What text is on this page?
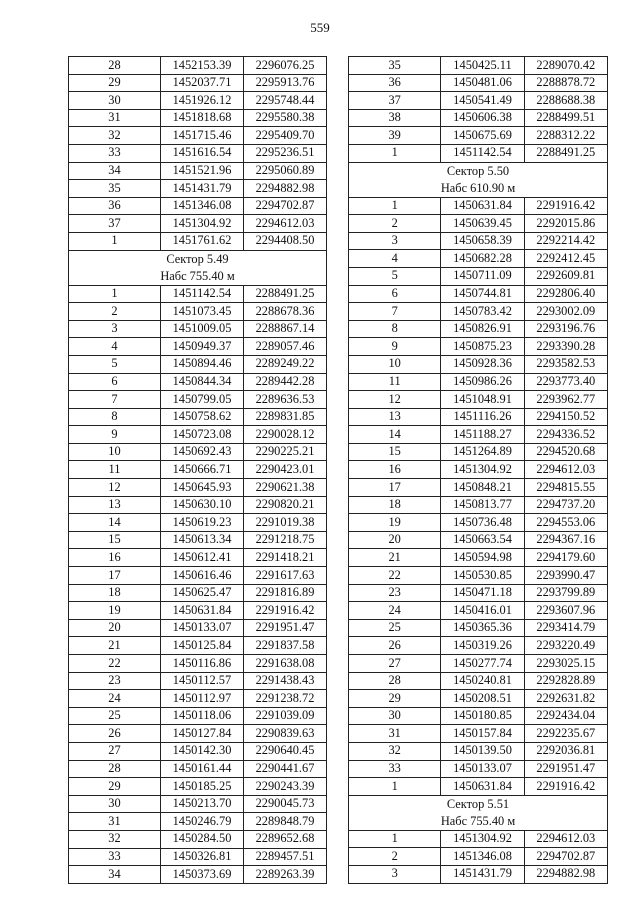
559
28	1452153.39	2296076.25
29	1452037.71	2295913.76
30	1451926.12	2295748.44
31	1451818.68	2295580.38
32	1451715.46	2295409.70
33	1451616.54	2295236.51
34	1451521.96	2295060.89
35	1451431.79	2294882.98
36	1451346.08	2294702.87
37	1451304.92	2294612.03
1	1451761.62	2294408.50

Сектор 5.49
Набс 755.40 м		

1	1451142.54	2288491.25
2	1451073.45	2288678.36
3	1451009.05	2288867.14
4	1450949.37	2289057.46
5	1450894.46	2289249.22
6	1450844.34	2289442.28
7	1450799.05	2289636.53
8	1450758.62	2289831.85
9	1450723.08	2290028.12
10	1450692.43	2290225.21
11	1450666.71	2290423.01
12	1450645.93	2290621.38
13	1450630.10	2290820.21
14	1450619.23	2291019.38
15	1450613.34	2291218.75
16	1450612.41	2291418.21
17	1450616.46	2291617.63
18	1450625.47	2291816.89
19	1450631.84	2291916.42
20	1450133.07	2291951.47
21	1450125.84	2291837.58
22	1450116.86	2291638.08
23	1450112.57	2291438.43
24	1450112.97	2291238.72
25	1450118.06	2291039.09
26	1450127.84	2290839.63
27	1450142.30	2290640.45
28	1450161.44	2290441.67
29	1450185.25	2290243.39
30	1450213.70	2290045.73
31	1450246.79	2289848.79
32	1450284.50	2289652.68
33	1450326.81	2289457.51
34	1450373.69	2289263.39
35	1450425.11	2289070.42
36	1450481.06	2288878.72
37	1450541.49	2288688.38
38	1450606.38	2288499.51
39	1450675.69	2288312.22
1	1451142.54	2288491.25

Сектор 5.50
Набс 610.90 м		

1	1450631.84	2291916.42
2	1450639.45	2292015.86
3	1450658.39	2292214.42
4	1450682.28	2292412.45
5	1450711.09	2292609.81
6	1450744.81	2292806.40
7	1450783.42	2293002.09
8	1450826.91	2293196.76
9	1450875.23	2293390.28
10	1450928.36	2293582.53
11	1450986.26	2293773.40
12	1451048.91	2293962.77
13	1451116.26	2294150.52
14	1451188.27	2294336.52
15	1451264.89	2294520.68
16	1451304.92	2294612.03
17	1450848.21	2294815.55
18	1450813.77	2294737.20
19	1450736.48	2294553.06
20	1450663.54	2294367.16
21	1450594.98	2294179.60
22	1450530.85	2293990.47
23	1450471.18	2293799.89
24	1450416.01	2293607.96
25	1450365.36	2293414.79
26	1450319.26	2293220.49
27	1450277.74	2293025.15
28	1450240.81	2292828.89
29	1450208.51	2292631.82
30	1450180.85	2292434.04
31	1450157.84	2292235.67
32	1450139.50	2292036.81
33	1450133.07	2291951.47
1	1450631.84	2291916.42

Сектор 5.51
Набс 755.40 м		

1	1451304.92	2294612.03
2	1451346.08	2294702.87
3	1451431.79	2294882.98
